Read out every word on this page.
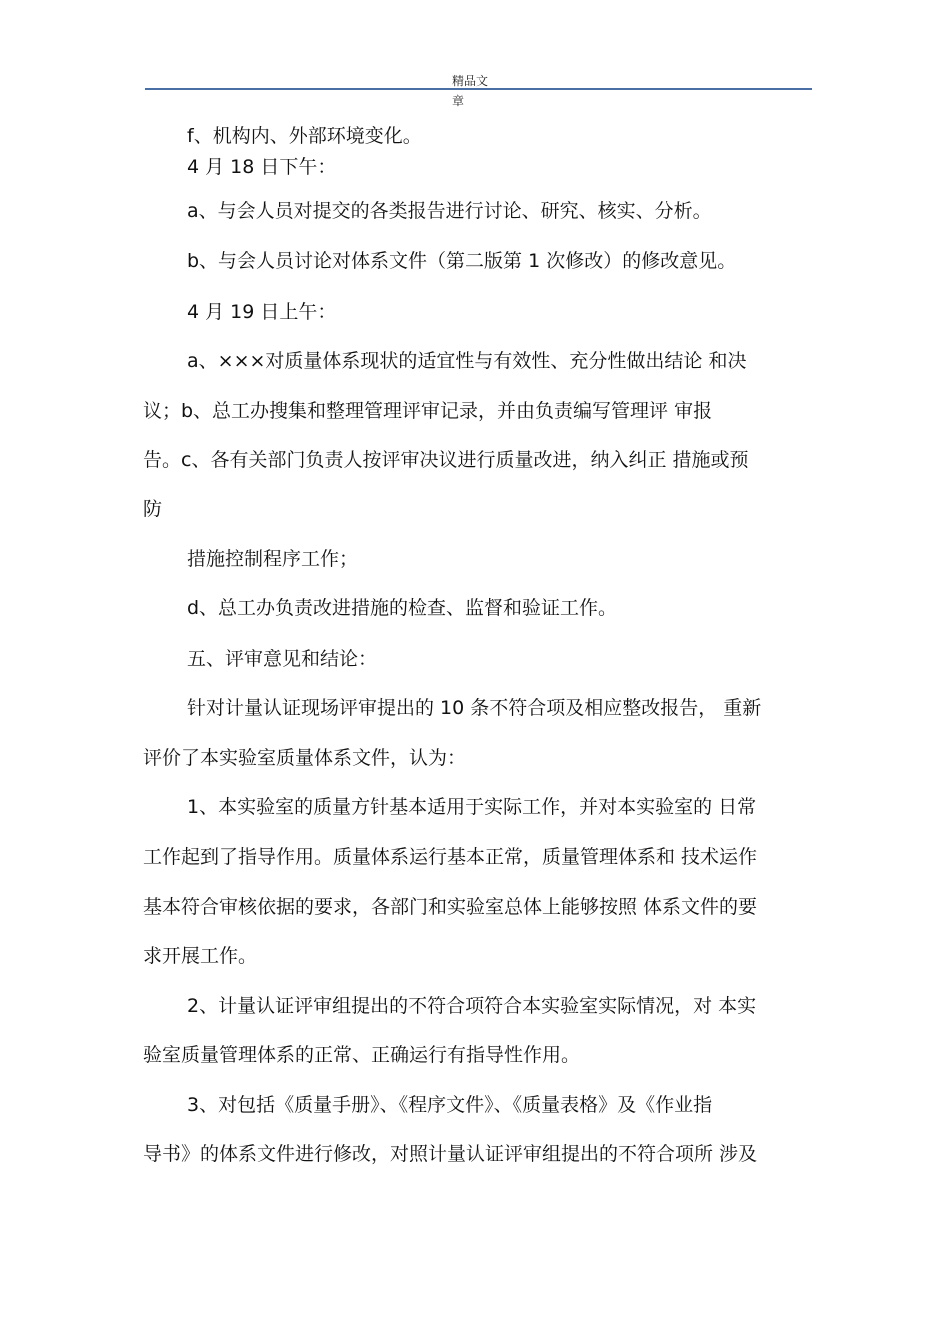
精品文
章
f、机构内、外部环境变化。
4 月 18 日下午：
a、与会人员对提交的各类报告进行讨论、研究、核实、分析。
b、与会人员讨论对体系文件（第二版第 1 次修改）的修改意见。
4 月 19 日上午：
a、×××对质量体系现状的适宜性与有效性、充分性做出结论 和决
议；b、总工办搜集和整理管理评审记录，并由负责编写管理评 审报
告。c、各有关部门负责人按评审决议进行质量改进，纳入纠正 措施或预
防
措施控制程序工作；
d、总工办负责改进措施的检查、监督和验证工作。
五、评审意见和结论：
针对计量认证现场评审提出的 10 条不符合项及相应整改报告， 重新
评价了本实验室质量体系文件，认为：
1、本实验室的质量方针基本适用于实际工作，并对本实验室的 日常
工作起到了指导作用。质量体系运行基本正常，质量管理体系和 技术运作
基本符合审核依据的要求，各部门和实验室总体上能够按照 体系文件的要
求开展工作。
2、计量认证评审组提出的不符合项符合本实验室实际情况，对 本实
验室质量管理体系的正常、正确运行有指导性作用。
3、对包括《质量手册》、《程序文件》、《质量表格》及《作业指
导书》的体系文件进行修改，对照计量认证评审组提出的不符合项所 涉及
